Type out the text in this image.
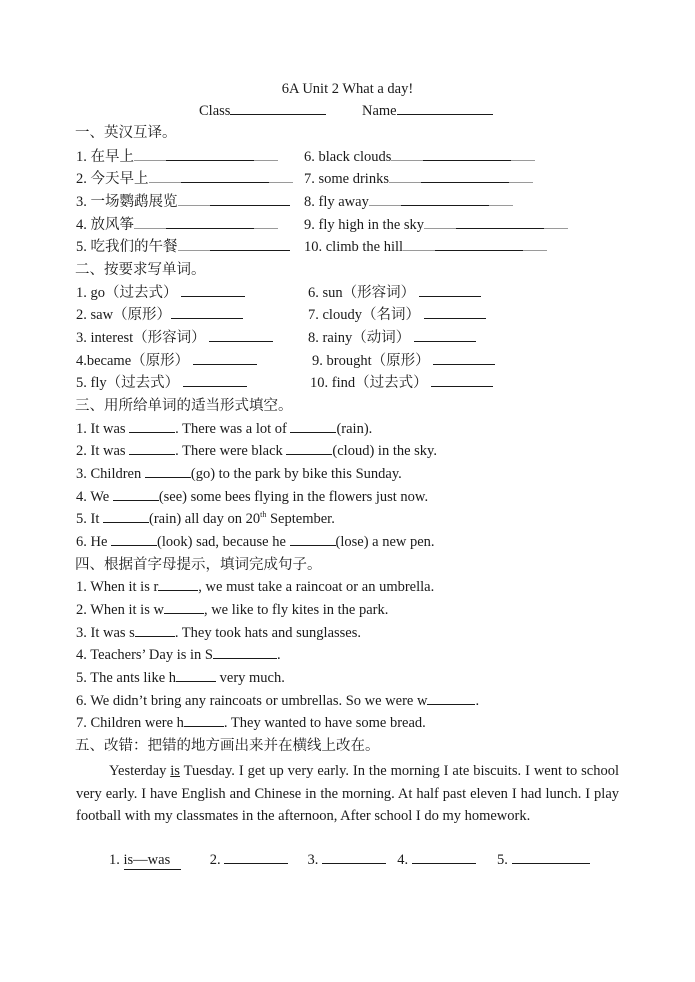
6A Unit 2 What a day!
Class	Name
一、英汉互译。
1. 在早上
2. 今天早上
3. 一场鹦鹉展览
4. 放风筝
5. 吃我们的午餐
6. black clouds
7. some drinks
8. fly away
9. fly high in the sky
10. climb the hill
二、按要求写单词。
1. go（过去式）
2. saw（原形）
3. interest（形容词）
4.became（原形）
5. fly（过去式）
6. sun（形容词）
7. cloudy（名词）
8. rainy（动词）
9. brought（原形）
10. find（过去式）
三、用所给单词的适当形式填空。
1. It was	. There was a lot of	(rain).
2. It was	. There were black	(cloud) in the sky.
3. Children	(go) to the park by bike this Sunday.
4. We	(see) some bees flying in the flowers just now.
5. It	(rain) all day on 20th September.
6. He	(look) sad, because he	(lose) a new pen.
四、根据首字母提示，填词完成句子。
1. When it is r	, we must take a raincoat or an umbrella.
2. When it is w	, we like to fly kites in the park.
3. It was s	. They took hats and sunglasses.
4. Teachers’ Day is in S	.
5. The ants like h	very much.
6. We didn’t bring any raincoats or umbrellas. So we were w	.
7. Children were h	. They wanted to have some bread.
五、改错：把错的地方画出来并在横线上改在。
Yesterday is Tuesday. I get up very early. In the morning I ate biscuits. I went to school very early. I have English and Chinese in the morning. At half past eleven I had lunch. I play football with my classmates in the afternoon, After school I do my homework.
1. is—was	2.	3.	4.	5.
